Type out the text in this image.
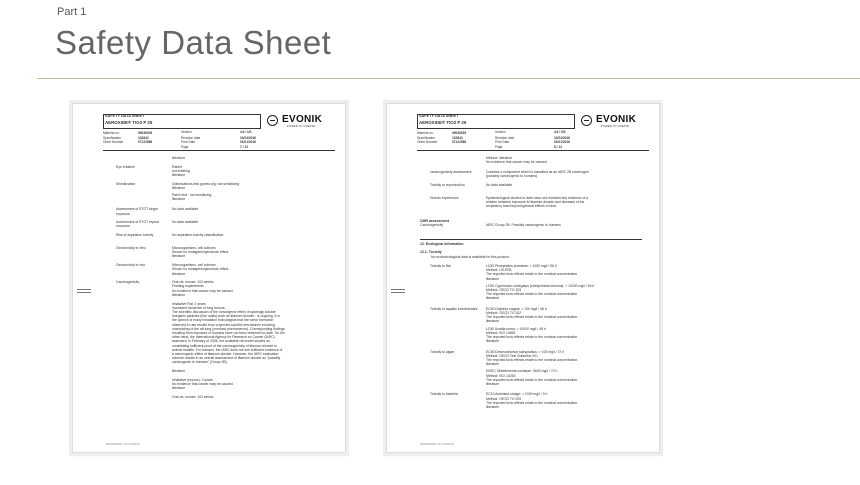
Part 1
Safety Data Sheet
SAFETY DATA SHEET
AEROXIDE® TIO2 P 25	EVONIK
POWER TO CREATE
Material no.	99036029	Version	4.6 / US
Specification	132843	Revision date	10/24/2016
Order Number	07122066	Print Date	01/01/2016
Page	7 / 12
literature
Eye irritation	Rabbit
not irritating
literature
Sensitization	Optimizations-test guinea pig: not sensitizing
literature
Patch test : not sensitizing
literature
Assessment of STOT single exposure
No data available
Assessment of STOT repeat exposure
No data available
Risk of aspiration toxicity	No aspiration toxicity classification
Genotoxicity in vitro	Microorganisms, cell cultures
Shown no mutagenic/genotoxic effect.
literature
Genotoxicity in vivo	Microorganisms, cell cultures
Shown no mutagenic/genotoxic effect.
literature
Carcinogenicity	Oral rat, mouse: 103 weeks
Feeding experiments
No evidence that cancer may be caused.
literature
inhalative Rat: 2 years
Increased incidence of lung tumors.
The scientific discussion of the tumorigenic effect of sparingly soluble
inorganic particles (fine dusts) such as titanium dioxide - is ongoing. It is
the opinion of many inhalation toxicologists that the tumor formation
observed in rats results from a species-specific mechanism involving
overloading of the rat lung (overload phenomenon). Corresponding findings
resulting from exposure of humans have not been observed to date. On the
other hand, the International Agency for Research on Cancer (IARC)
assessed, in February of 2006, the available rat model studies as
constituting sufficient proof of the carcinogenicity of titanium dioxide in
animal models. For humans, the IARC does not see sufficient evidence of
a carcinogenic effect of titanium dioxide. However, the IARC evaluation
scheme results in an overall assessment of titanium dioxide as "possibly
carcinogenic to humans" (Group 2B).
literature
inhalative (mouse): 2 years
No evidence that cancer may be caused.
literature
Oral rat, mouse: 103 weeks
000000000000 / 01.01.0000 EN
SAFETY DATA SHEET
AEROXIDE® TIO2 P 25	EVONIK
POWER TO CREATE
Material no.	99036029	Version	4.6 / US
Specification	132843	Revision date	10/24/2016
Order Number	07122066	Print Date	01/01/2016
Page	8 / 12
Method: literature
No evidence that cancer may be caused.
carcinogenicity assessment	Contains a component which is classified as an IARC 2B carcinogen
(possibly carcinogenic to humans).
Toxicity to reproduction	No data available
Human experience	Epidemiological studies to date have not revealed any evidence of a
relation between exposure to titanium dioxide and diseases of the
respiratory tract beyond general effects of dust.
CMR assessment
Carcinogenicity	IARC Group 2B: Possibly carcinogenic to humans
12. Ecological information
12.1. Toxicity
No ecotoxicological data is available for this product.
Toxicity to fish	LC50 Pimephales promelas: > 1000 mg/l / 96 h
Method: US-EPA
The reported toxic effects relate to the nominal concentration.
literature
LC50 Cyprinodon variegatus (sheepshead minnow): > 10000 mg/l / 96 h
Method: OECD TG 203
The reported toxic effects relate to the nominal concentration.
literature
Toxicity to aquatic invertebrates	EC50 Daphnia magna: > 100 mg/l / 48 h
Method: OECD TG 202
The reported toxic effects relate to the nominal concentration.
literature
LC50 Acartia tonsa: > 10000 mg/l / 48 h
Method: ISO 14669
The reported toxic effects relate to the nominal concentration.
literature
Toxicity to algae	EC50 Desmodesmus subspicatus: > 100 mg/l / 72 h
Method: OECD Test Guideline 201
The reported toxic effects relate to the nominal concentration.
literature
NOEC Skeletonema costatum: 5600 mg/l / 72 h
Method: ISO 10253
The reported toxic effects relate to the nominal concentration.
literature
Toxicity to bacteria	EC10 Activated sludge: > 1000 mg/l / 3 h
Method: OECD TG 209
The reported toxic effects relate to the nominal concentration.
literature
000000000000 / 01.01.0000 EN
